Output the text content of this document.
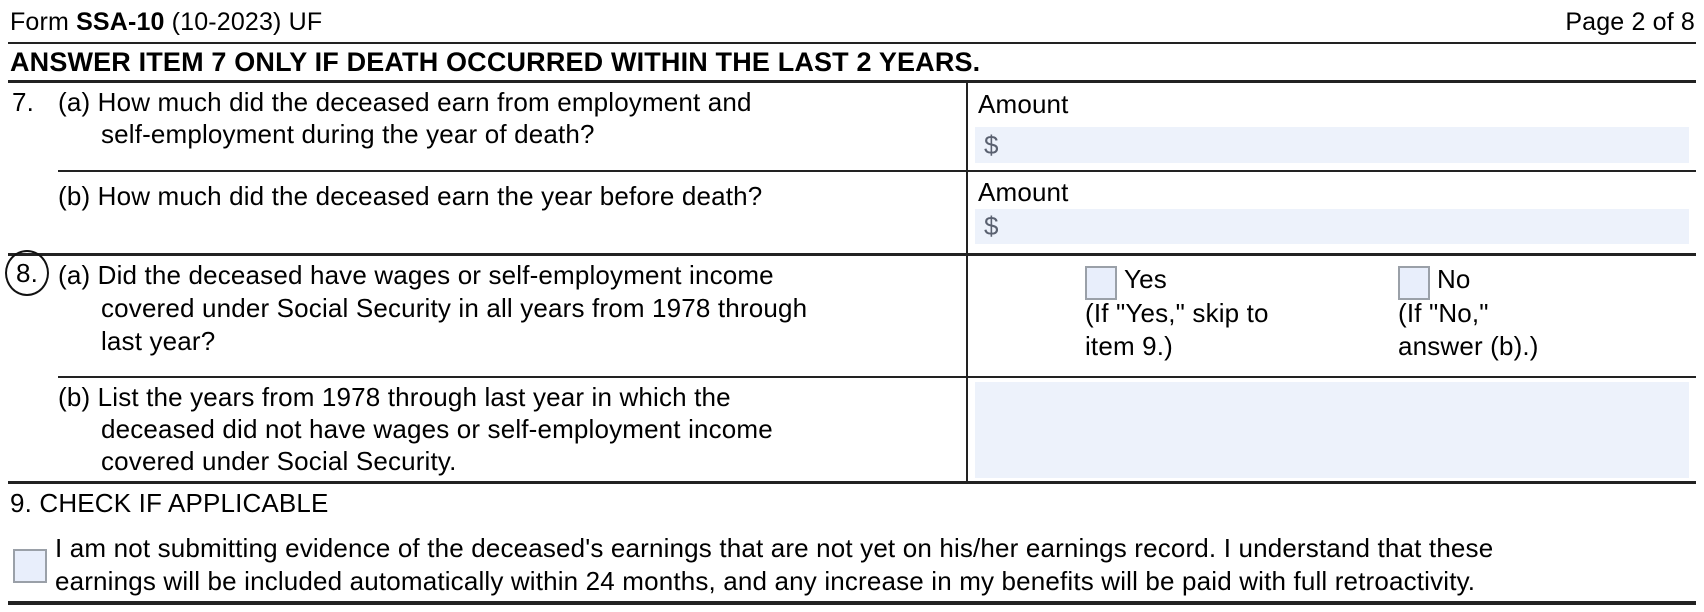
Form SSA-10 (10-2023) UF	Page 2 of 8
ANSWER ITEM 7 ONLY IF DEATH OCCURRED WITHIN THE LAST 2 YEARS.
7. (a) How much did the deceased earn from employment and self-employment during the year of death?
Amount
$
(b) How much did the deceased earn the year before death?	Amount
$
8. (a) Did the deceased have wages or self-employment income covered under Social Security in all years from 1978 through last year?
Yes
(If "Yes," skip to item 9.)
No
(If "No," answer (b).)
(b) List the years from 1978 through last year in which the deceased did not have wages or self-employment income covered under Social Security.
9. CHECK IF APPLICABLE
I am not submitting evidence of the deceased's earnings that are not yet on his/her earnings record. I understand that these earnings will be included automatically within 24 months, and any increase in my benefits will be paid with full retroactivity.
